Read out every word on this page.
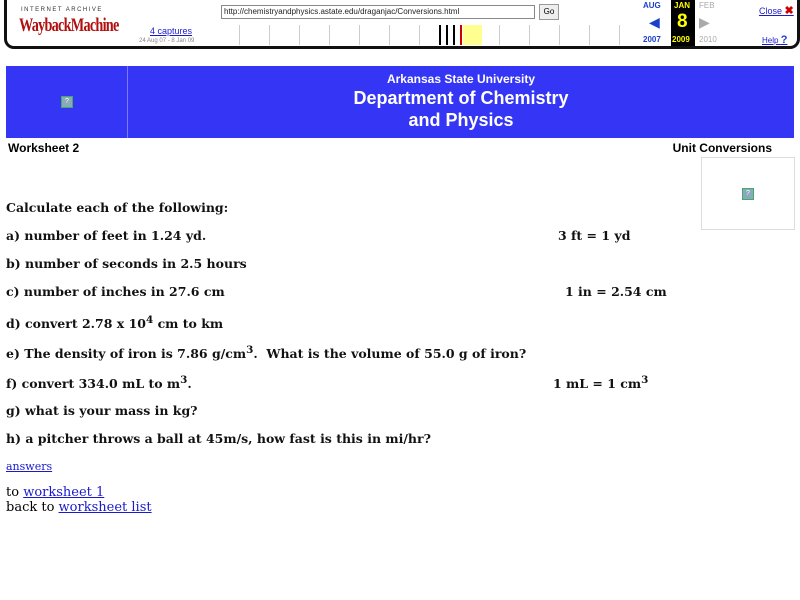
INTERNET ARCHIVE
WaybackMachine
http://chemistryandphysics.astate.edu/draganjac/Conversions.html	Go
4 captures
24 Aug 07 - 8 Jan 09
AUG
◀
2007
JAN
8
2009
FEB
▶
2010
Close ✖
Help ?
?
Arkansas State University
Department of Chemistry
and Physics
Worksheet 2	Unit Conversions
?
Calculate each of the following:
a) number of feet in 1.24 yd.	3 ft = 1 yd
b) number of seconds in 2.5 hours
c) number of inches in 27.6 cm	1 in = 2.54 cm
d) convert 2.78 x $10^4$ cm to km
e) The density of iron is 7.86 $g/cm^3$.  What is the volume of 55.0 g of iron?
f) convert 334.0 mL to $m^3$.	1 mL = 1 $cm^3$
g) what is your mass in kg?
h) a pitcher throws a ball at 45m/s, how fast is this in mi/hr?
answers
to worksheet 1
back to worksheet list
